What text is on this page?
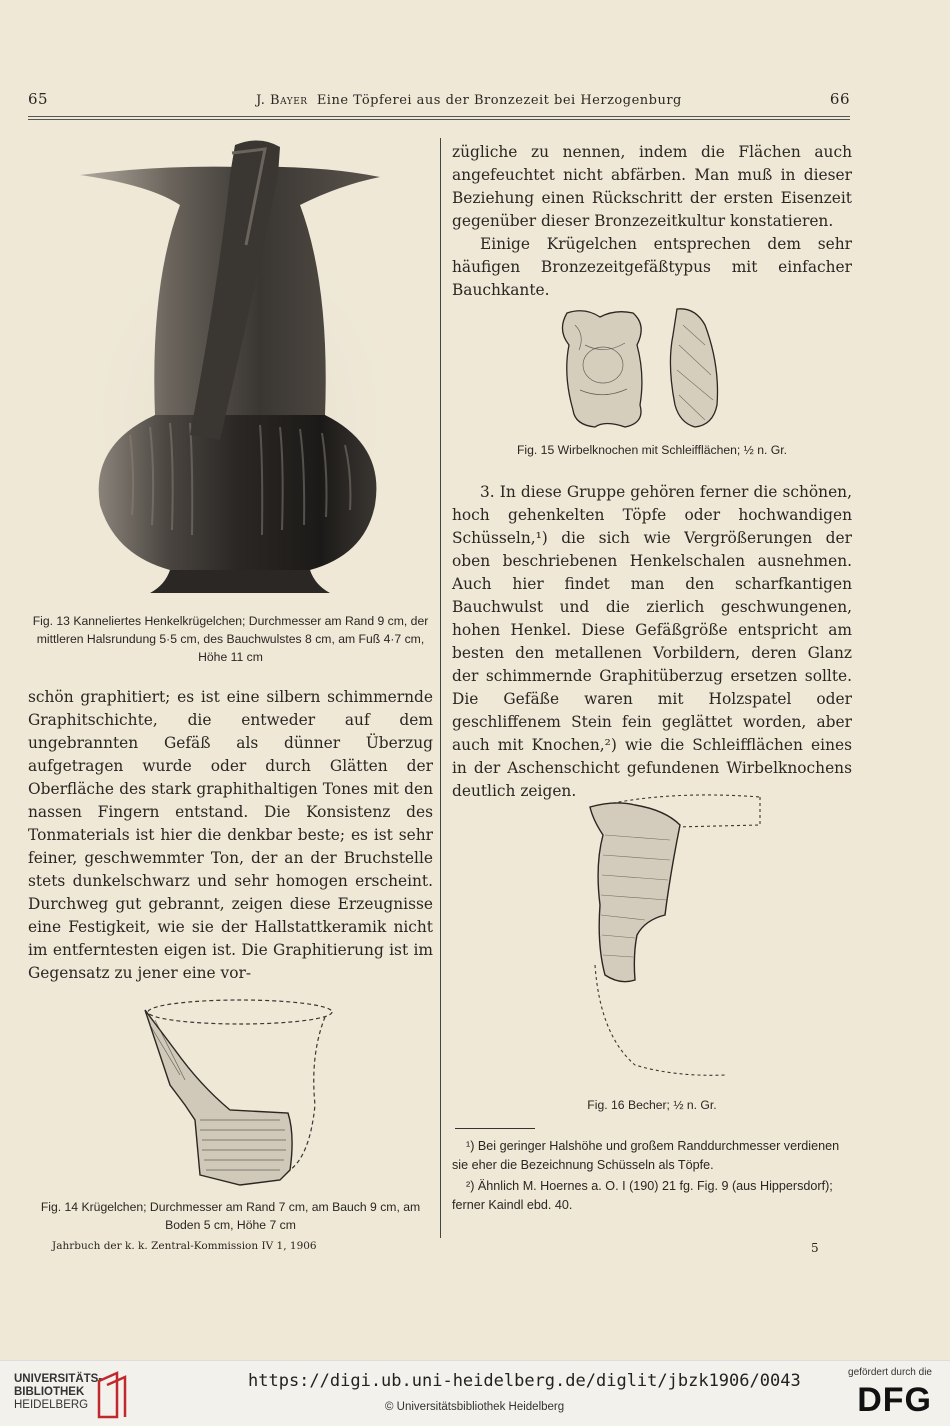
65	J. Bayer Eine Töpferei aus der Bronzezeit bei Herzogenburg	66
Fig. 13 Kanneliertes Henkelkrügelchen; Durchmesser am Rand 9 cm, der mittleren Halsrundung 5·5 cm, des Bauchwulstes 8 cm, am Fuß 4·7 cm, Höhe 11 cm

schön graphitiert; es ist eine silbern schimmernde Graphitschichte, die entweder auf dem ungebrannten Gefäß als dünner Überzug aufgetragen wurde oder durch Glätten der Oberfläche des stark graphithaltigen Tones mit den nassen Fingern entstand. Die Konsistenz des Tonmaterials ist hier die denkbar beste; es ist sehr feiner, geschwemmter Ton, der an der Bruchstelle stets dunkelschwarz und sehr homogen erscheint. Durchweg gut gebrannt, zeigen diese Erzeugnisse eine Festigkeit, wie sie der Hallstattkeramik nicht im entferntesten eigen ist. Die Graphitierung ist im Gegensatz zu jener eine vor-

Fig. 14 Krügelchen; Durchmesser am Rand 7 cm, am Bauch 9 cm, am Boden 5 cm, Höhe 7 cm
Jahrbuch der k. k. Zentral-Kommission IV 1, 1906

zügliche zu nennen, indem die Flächen auch angefeuchtet nicht abfärben. Man muß in dieser Beziehung einen Rückschritt der ersten Eisenzeit gegenüber dieser Bronzezeitkultur konstatieren.

Einige Krügelchen entsprechen dem sehr häufigen Bronzezeitgefäßtypus mit einfacher Bauchkante.

Fig. 15 Wirbelknochen mit Schleifflächen; ½ n. Gr.

3. In diese Gruppe gehören ferner die schönen, hoch gehenkelten Töpfe oder hochwandigen Schüsseln,¹) die sich wie Vergrößerungen der oben beschriebenen Henkelschalen ausnehmen. Auch hier findet man den scharfkantigen Bauchwulst und die zierlich geschwungenen, hohen Henkel. Diese Gefäßgröße entspricht am besten den metallenen Vorbildern, deren Glanz der schimmernde Graphitüberzug ersetzen sollte. Die Gefäße waren mit Holzspatel oder geschliffenem Stein fein geglättet worden, aber auch mit Knochen,²) wie die Schleifflächen eines in der Aschenschicht gefundenen Wirbelknochens deutlich zeigen.

Fig. 16 Becher; ½ n. Gr.

¹) Bei geringer Halshöhe und großem Randdurchmesser verdienen sie eher die Bezeichnung Schüsseln als Töpfe.

²) Ähnlich M. Hoernes a. O. I (190) 21 fg. Fig. 9 (aus Hippersdorf); ferner Kaindl ebd. 40.

5
UNIVERSITÄTS-
BIBLIOTHEK
HEIDELBERG
https://digi.ub.uni-heidelberg.de/diglit/jbzk1906/0043
© Universitätsbibliothek Heidelberg
gefördert durch die
DFG
